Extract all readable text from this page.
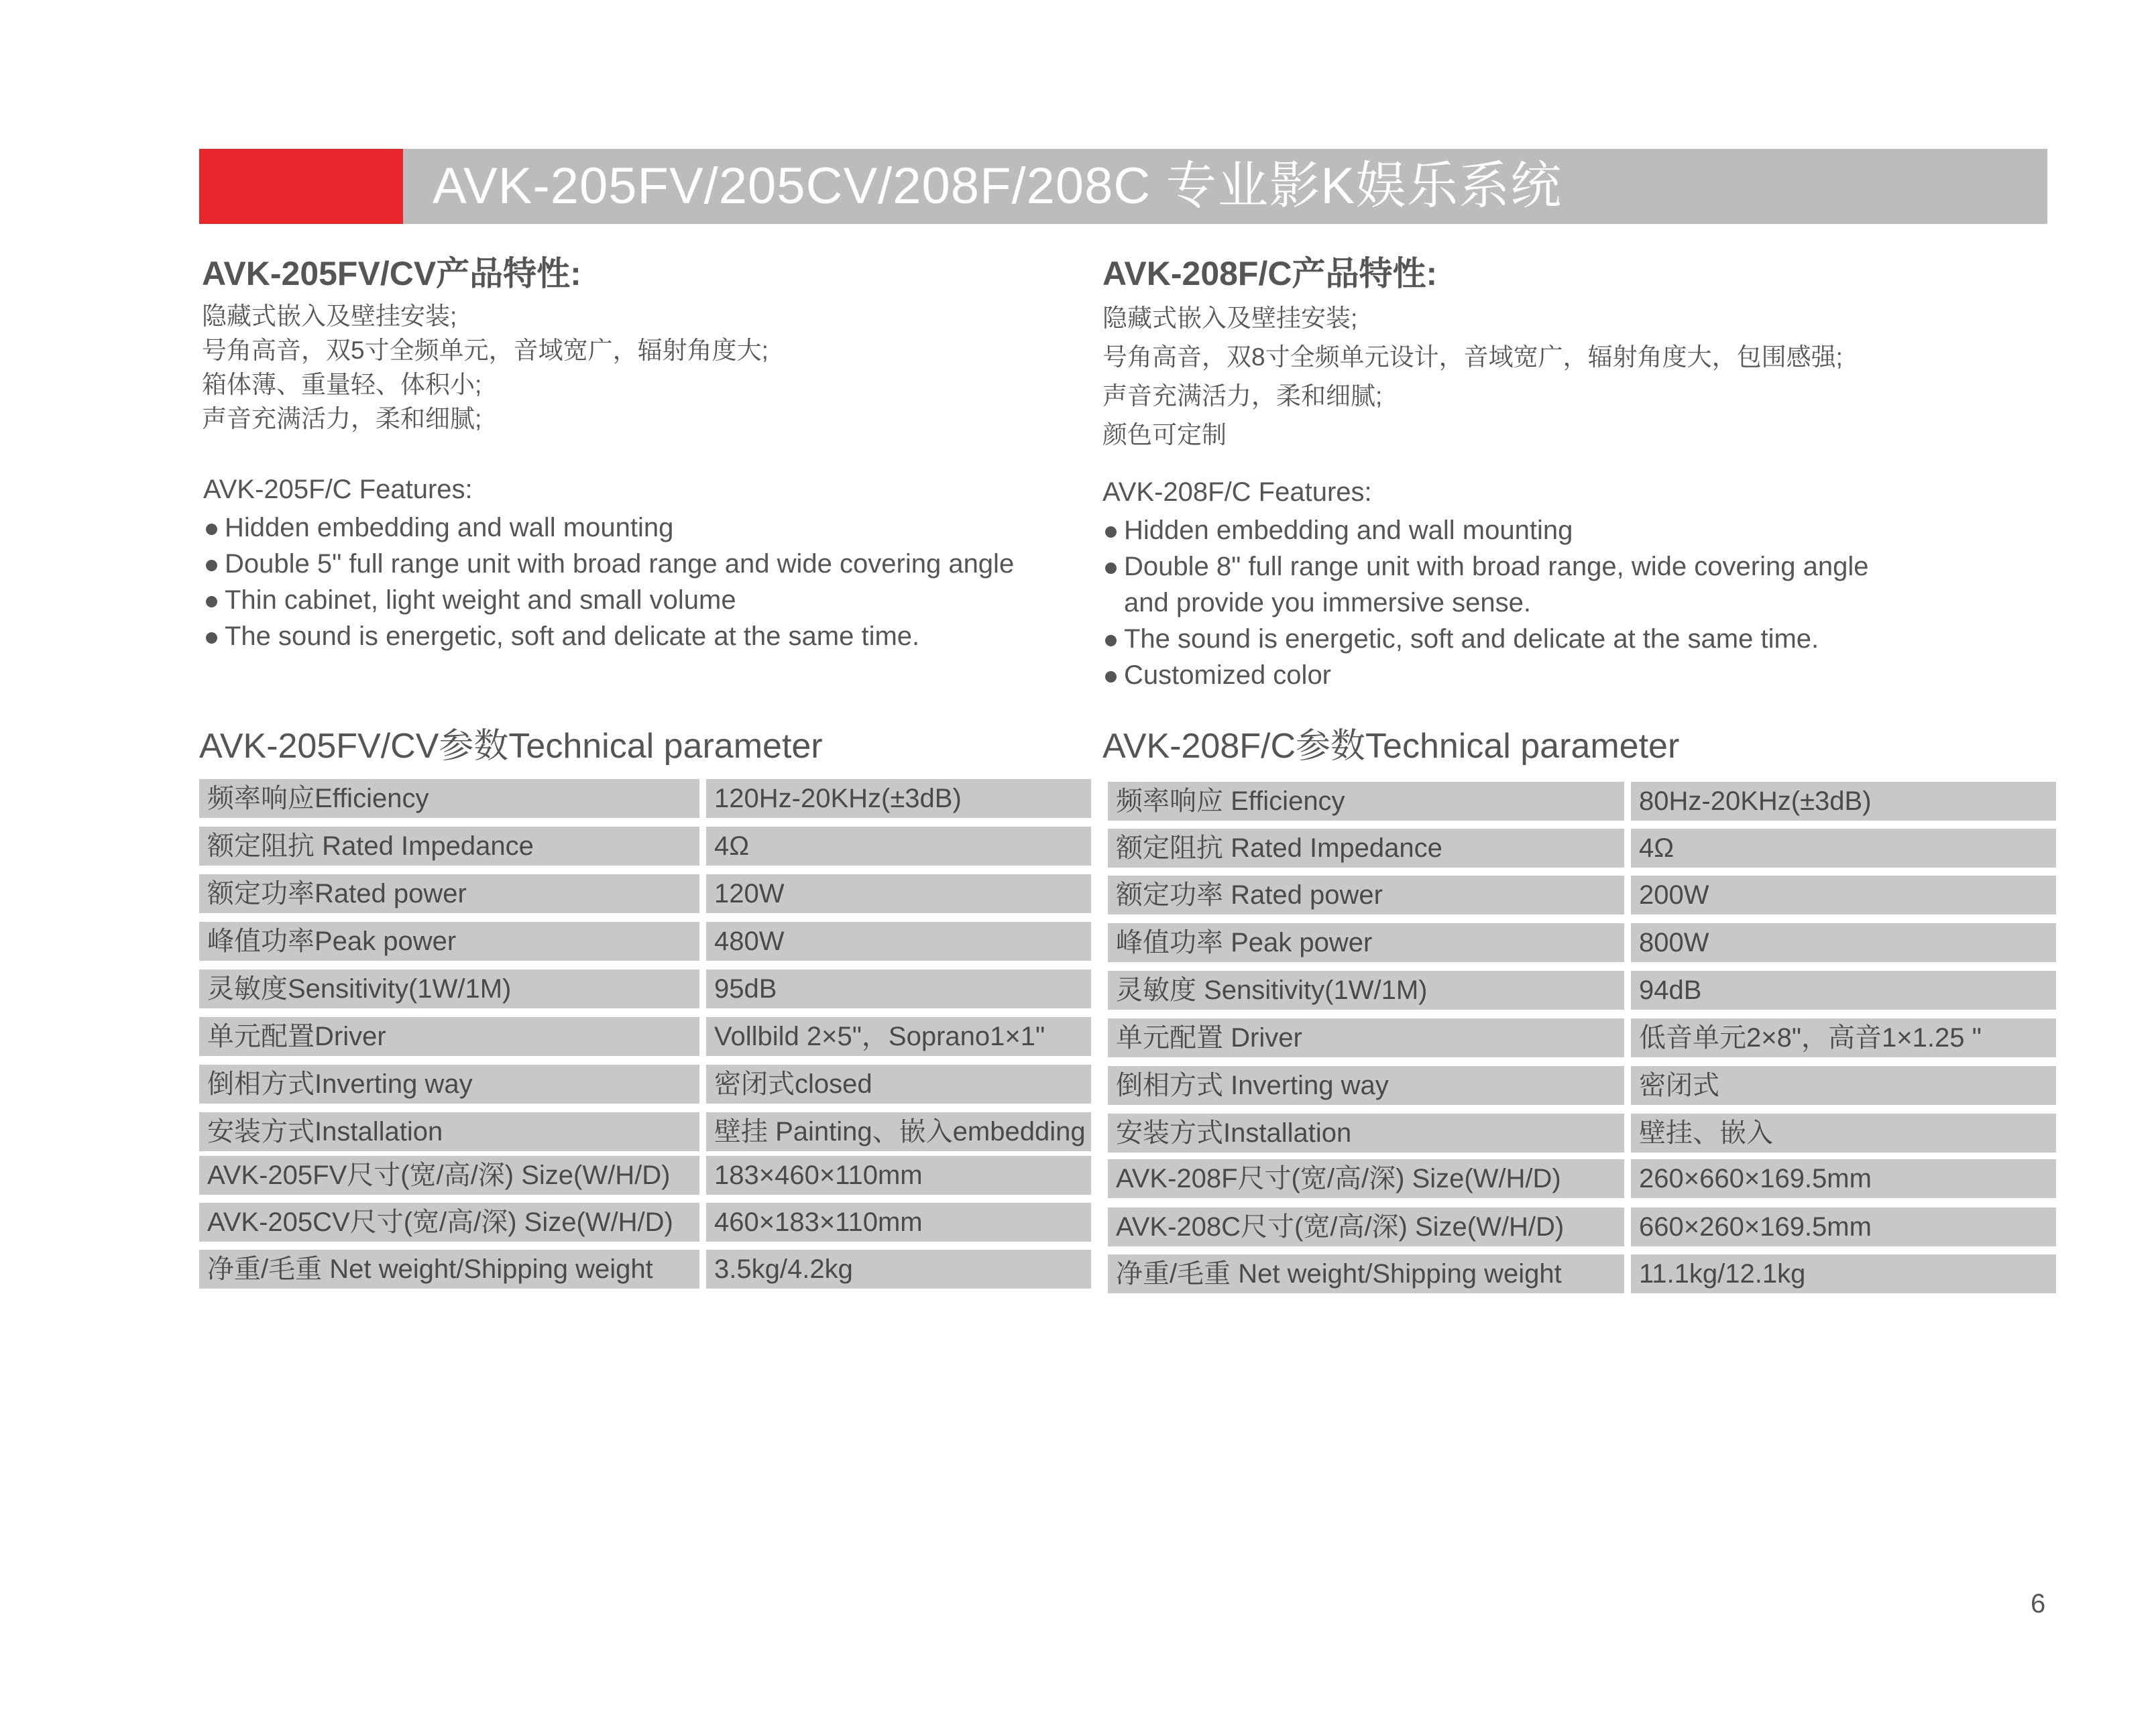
AVK-205FV/205CV/208F/208C 专业影K娱乐系统
AVK-205FV/CV产品特性:
隐藏式嵌入及壁挂安装;
号角高音，双5寸全频单元，音域宽广，辐射角度大;
箱体薄、重量轻、体积小;
声音充满活力，柔和细腻;
AVK-205F/C Features:
Hidden embedding and wall mounting
Double 5" full range unit with broad range and wide covering angle
Thin cabinet, light weight and small volume
The sound is energetic, soft and delicate at the same time.
AVK-205FV/CV参数Technical parameter
频率响应Efficiency	120Hz-20KHz(±3dB)
额定阻抗 Rated Impedance	4Ω
额定功率Rated power	120W
峰值功率Peak power	480W
灵敏度Sensitivity(1W/1M)	95dB
单元配置Driver	Vollbild 2×5"，Soprano1×1"
倒相方式Inverting way	密闭式closed
安装方式Installation	壁挂 Painting、嵌入embedding
AVK-205FV尺寸(宽/高/深) Size(W/H/D)	183×460×110mm
AVK-205CV尺寸(宽/高/深) Size(W/H/D)	460×183×110mm
净重/毛重 Net weight/Shipping weight	3.5kg/4.2kg
AVK-208F/C产品特性:
隐藏式嵌入及壁挂安装;
号角高音，双8寸全频单元设计，音域宽广，辐射角度大，包围感强;
声音充满活力，柔和细腻;
颜色可定制
AVK-208F/C Features:
Hidden embedding and wall mounting
Double 8" full range unit with broad range, wide covering angle
and provide you immersive sense.
The sound is energetic, soft and delicate at the same time.
Customized color
AVK-208F/C参数Technical parameter
频率响应 Efficiency	80Hz-20KHz(±3dB)
额定阻抗 Rated Impedance	4Ω
额定功率 Rated power	200W
峰值功率 Peak power	800W
灵敏度 Sensitivity(1W/1M)	94dB
单元配置 Driver	低音单元2×8"，高音1×1.25 "
倒相方式 Inverting way	密闭式
安装方式Installation	壁挂、嵌入
AVK-208F尺寸(宽/高/深) Size(W/H/D)	260×660×169.5mm
AVK-208C尺寸(宽/高/深) Size(W/H/D)	660×260×169.5mm
净重/毛重 Net weight/Shipping weight	11.1kg/12.1kg
6
